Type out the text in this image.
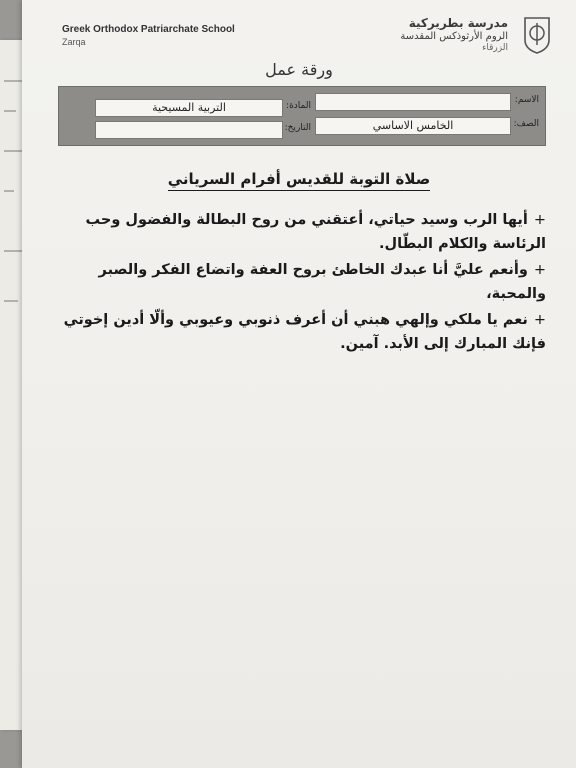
Greek Orthodox Patriarchate School
Zarqa
مدرسة بطريركية
الروم الأرثوذكس المقدسة
الزرقاء
ورقة عمل
الاسم:
المادة:
التربية المسيحية
الصف:
الخامس الاساسي
التاريخ:
صلاة التوبة للقديس أفرام السرياني
+أيها الرب وسيد حياتي، أعتقني من روح البطالة والفضول وحب الرئاسة والكلام البطّال.
+وأنعم عليَّ أنا عبدك الخاطئ بروح العفة واتضاع الفكر والصبر والمحبة،
+نعم يا ملكي وإلهي هبني أن أعرف ذنوبي وعيوبي وألّا أدين إخوتي فإنك المبارك إلى الأبد. آمين.
